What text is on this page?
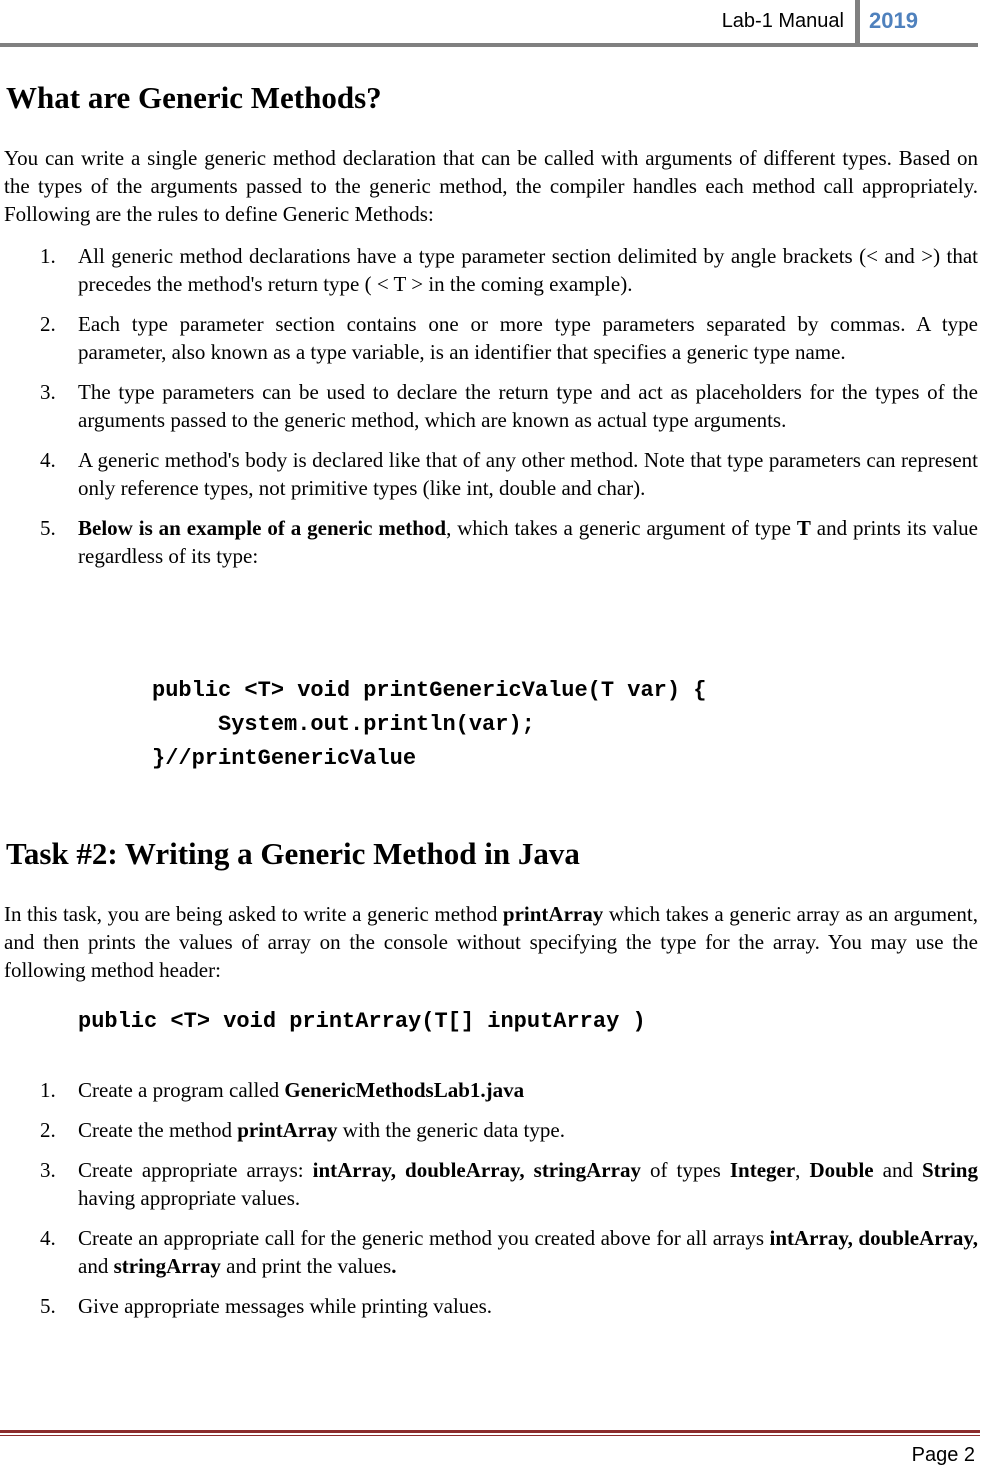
Lab-1 Manual 2019
What are Generic Methods?

You can write a single generic method declaration that can be called with arguments of different types. Based on the types of the arguments passed to the generic method, the compiler handles each method call appropriately. Following are the rules to define Generic Methods:

1. All generic method declarations have a type parameter section delimited by angle brackets (< and >) that precedes the method's return type ( < T > in the coming example).
2. Each type parameter section contains one or more type parameters separated by commas. A type parameter, also known as a type variable, is an identifier that specifies a generic type name.
3. The type parameters can be used to declare the return type and act as placeholders for the types of the arguments passed to the generic method, which are known as actual type arguments.
4. A generic method's body is declared like that of any other method. Note that type parameters can represent only reference types, not primitive types (like int, double and char).
5. Below is an example of a generic method, which takes a generic argument of type T and prints its value regardless of its type:
public <T> void printGenericValue(T var) {
System.out.println(var);
}//printGenericValue
Task #2: Writing a Generic Method in Java

In this task, you are being asked to write a generic method printArray which takes a generic array as an argument, and then prints the values of array on the console without specifying the type for the array. You may use the following method header:

public <T> void printArray(T[] inputArray )
1. Create a program called GenericMethodsLab1.java
2. Create the method printArray with the generic data type.
3. Create appropriate arrays: intArray, doubleArray, stringArray of types Integer, Double and String having appropriate values.
4. Create an appropriate call for the generic method you created above for all arrays intArray, doubleArray, and stringArray and print the values.
5. Give appropriate messages while printing values.
Page 2
